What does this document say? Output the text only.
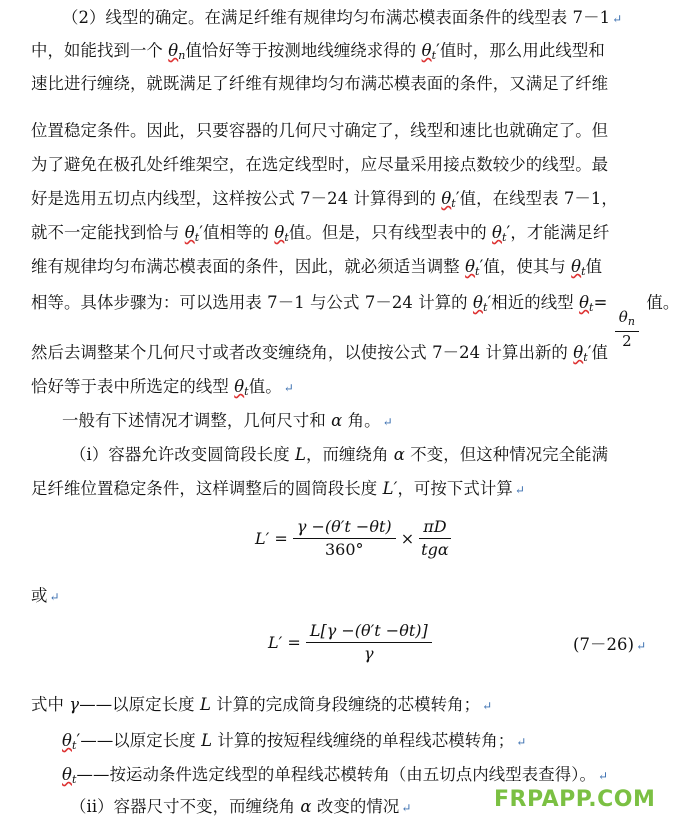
（2）线型的确定。在满足纤维有规律均匀布满芯模表面条件的线型表 7－1 ↵
中，如能找到一个 $\theta_n$值恰好等于按测地线缠绕求得的 $\theta_t'$值时，那么用此线型和
速比进行缠绕，就既满足了纤维有规律均匀布满芯模表面的条件，又满足了纤维
位置稳定条件。因此，只要容器的几何尺寸确定了，线型和速比也就确定了。但
为了避免在极孔处纤维架空，在选定线型时，应尽量采用接点数较少的线型。最
好是选用五切点内线型，这样按公式 7－24 计算得到的 $\theta_t'$值，在线型表 7－1，
就不一定能找到恰与 $\theta_t'$值相等的 $\theta_t$值。但是，只有线型表中的 $\theta_t'$，才能满足纤
维有规律均匀布满芯模表面的条件，因此，就必须适当调整 $\theta_t'$值，使其与 $\theta_t$值
相等。具体步骤为：可以选用表 7－1 与公式 7－24 计算的 $\theta_t'$相近的线型 $\theta_t=$
$\frac{\theta_n}{2}$
值。
然后去调整某个几何尺寸或者改变缠绕角，以使按公式 7－24 计算出新的 $\theta_t'$值
恰好等于表中所选定的线型 $\theta_t$值。 ↵
一般有下述情况才调整，几何尺寸和 α 角。 ↵
（i）容器允许改变圆筒段长度 L，而缠绕角 α 不变，但这种情况完全能满
足纤维位置稳定条件，这样调整后的圆筒段长度 L′，可按下式计算 ↵
$L' = \frac{\gamma -(\theta't -\theta t)}{360^\circ} \times \frac{\pi D}{\text{tgα}}$
或 ↵
$L' = \frac{L[\gamma -(\theta't -\theta t)]}{\gamma}$	(7－26) ↵
式中 γ——以原定长度 L 计算的完成筒身段缠绕的芯模转角； ↵
$\theta_t'——$以原定长度 L 计算的按短程线缠绕的单程线芯模转角； ↵
$\theta_t——$按运动条件选定线型的单程线芯模转角（由五切点内线型表查得）。 ↵
（ii）容器尺寸不变，而缠绕角 α 改变的情况 ↵	FRPAPP.COM
